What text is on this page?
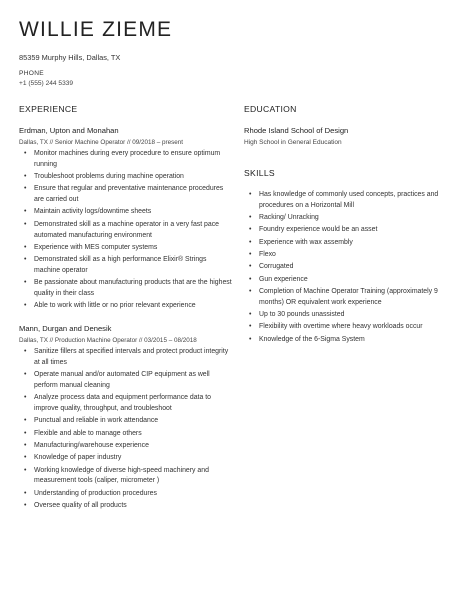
WILLIE ZIEME
85359 Murphy Hills, Dallas, TX
PHONE
+1 (555) 244 5339
EXPERIENCE	EDUCATION
Erdman, Upton and Monahan
Dallas, TX // Senior Machine Operator // 09/2018 – present
• Monitor machines during every procedure to ensure optimum running
• Troubleshoot problems during machine operation
• Ensure that regular and preventative maintenance procedures are carried out
• Maintain activity logs/downtime sheets
• Demonstrated skill as a machine operator in a very fast pace automated manufacturing environment
• Experience with MES computer systems
• Demonstrated skill as a high performance Elixir® Strings machine operator
• Be passionate about manufacturing products that are the highest quality in their class
• Able to work with little or no prior relevant experience
Mann, Durgan and Denesik
Dallas, TX // Production Machine Operator // 03/2015 – 08/2018
• Sanitize fillers at specified intervals and protect product integrity at all times
• Operate manual and/or automated CIP equipment as well perform manual cleaning
• Analyze process data and equipment performance data to improve quality, throughput, and troubleshoot
• Punctual and reliable in work attendance
• Flexible and able to manage others
• Manufacturing/warehouse experience
• Knowledge of paper industry
• Working knowledge of diverse high-speed machinery and measurement tools (caliper, micrometer )
• Understanding of production procedures
• Oversee quality of all products
Rhode Island School of Design
High School in General Education
SKILLS
• Has knowledge of commonly used concepts, practices and procedures on a Horizontal Mill
• Racking/ Unracking
• Foundry experience would be an asset
• Experience with wax assembly
• Flexo
• Corrugated
• Gun experience
• Completion of Machine Operator Training (approximately 9 months) OR equivalent work experience
• Up to 30 pounds unassisted
• Flexibility with overtime where heavy workloads occur
• Knowledge of the 6-Sigma System
